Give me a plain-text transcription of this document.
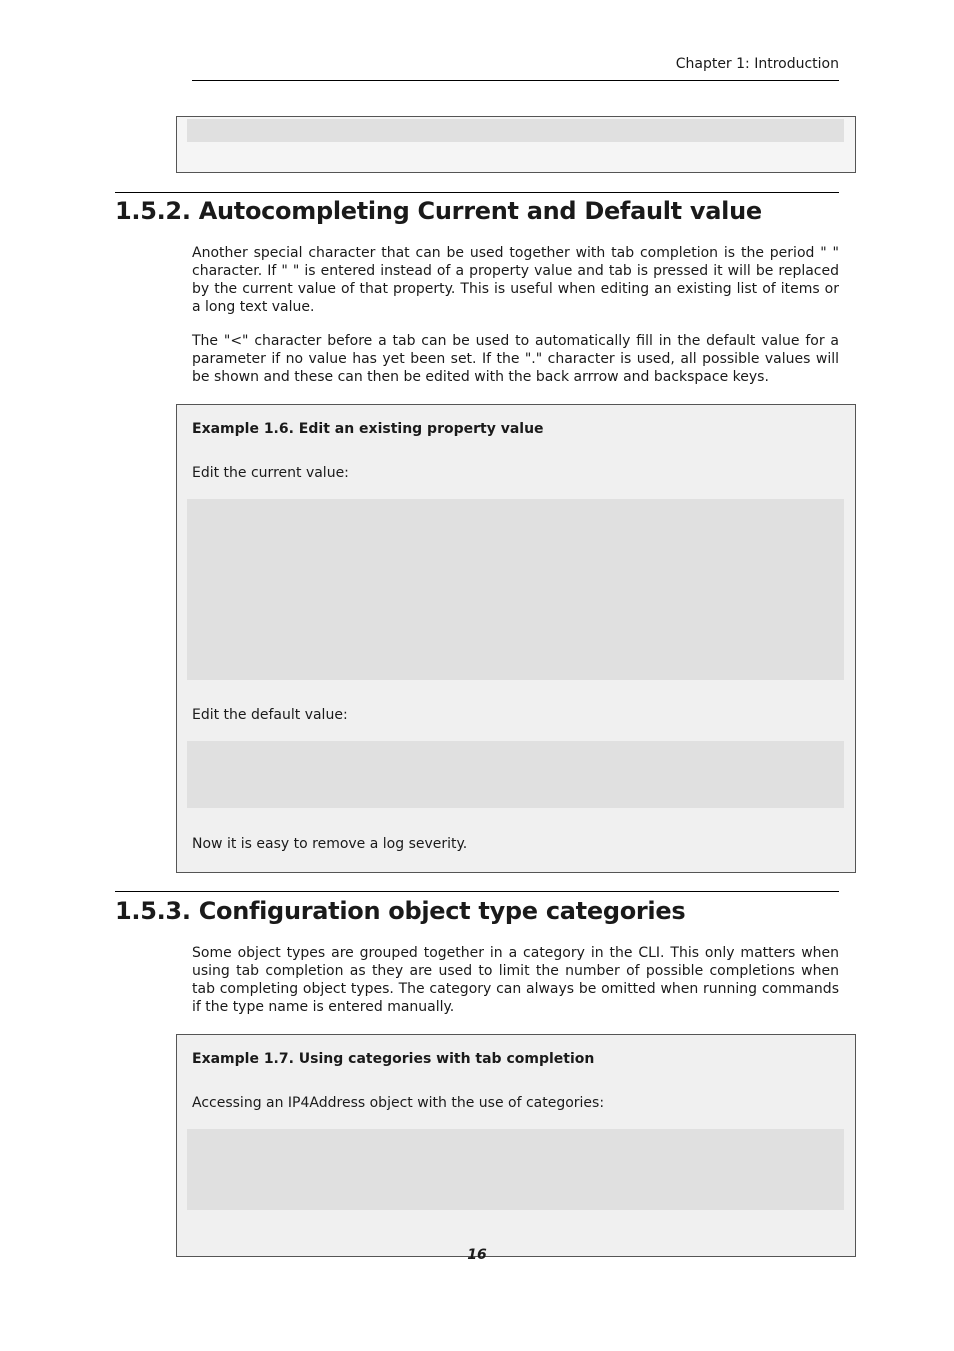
Chapter 1: Introduction
1.5.2. Autocompleting Current and Default value

Another special character that can be used together with tab completion is the period " " character. If " " is entered instead of a property value and tab is pressed it will be replaced by the current value of that property. This is useful when editing an existing list of items or a long text value.

The "<" character before a tab can be used to automatically fill in the default value for a parameter if no value has yet been set. If the "." character is used, all possible values will be shown and these can then be edited with the back arrrow and backspace keys.

Example 1.6. Edit an existing property value

Edit the current value:

Edit the default value:

Now it is easy to remove a log severity.

1.5.3. Configuration object type categories

Some object types are grouped together in a category in the CLI. This only matters when using tab completion as they are used to limit the number of possible completions when tab completing object types. The category can always be omitted when running commands if the type name is entered manually.

Example 1.7. Using categories with tab completion

Accessing an IP4Address object with the use of categories:

16
